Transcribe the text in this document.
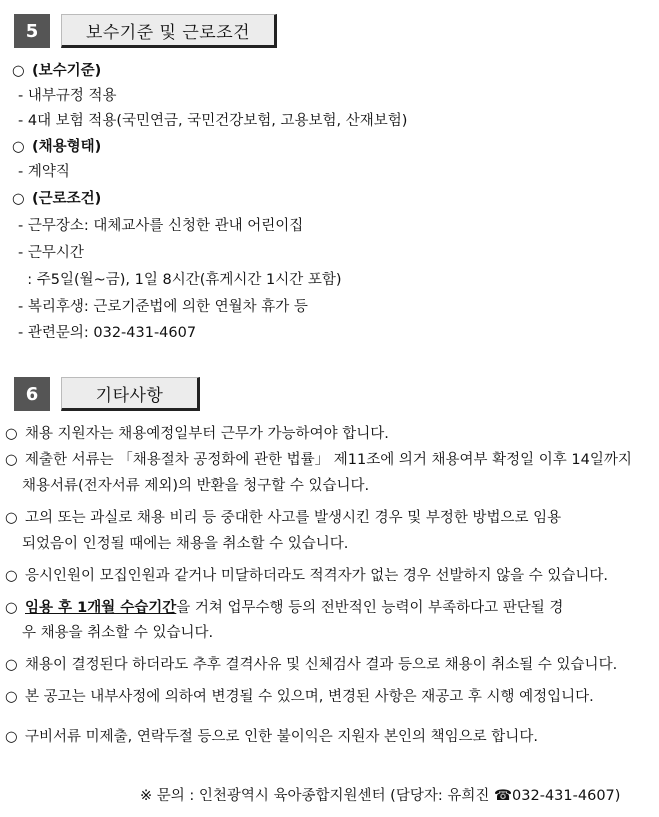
5	보수기준 및 근로조건
○ (보수기준)
- 내부규정 적용
- 4대 보험 적용(국민연금, 국민건강보험, 고용보험, 산재보험)
○ (채용형태)
- 계약직
○ (근로조건)
- 근무장소: 대체교사를 신청한 관내 어린이집
- 근무시간
: 주5일(월~금), 1일 8시간(휴게시간 1시간 포함)
- 복리후생: 근로기준법에 의한 연월차 휴가 등
- 관련문의: 032-431-4607
6	기타사항
○ 채용 지원자는 채용예정일부터 근무가 가능하여야 합니다.
○ 제출한 서류는 「채용절차 공정화에 관한 법률」 제11조에 의거 채용여부 확정일 이후 14일까지
채용서류(전자서류 제외)의 반환을 청구할 수 있습니다.
○ 고의 또는 과실로 채용 비리 등 중대한 사고를 발생시킨 경우 및 부정한 방법으로 임용
되었음이 인정될 때에는 채용을 취소할 수 있습니다.
○ 응시인원이 모집인원과 같거나 미달하더라도 적격자가 없는 경우 선발하지 않을 수 있습니다.
○ 임용 후 1개월 수습기간을 거쳐 업무수행 등의 전반적인 능력이 부족하다고 판단될 경
우 채용을 취소할 수 있습니다.
○ 채용이 결정된다 하더라도 추후 결격사유 및 신체검사 결과 등으로 채용이 취소될 수 있습니다.
○ 본 공고는 내부사정에 의하여 변경될 수 있으며, 변경된 사항은 재공고 후 시행 예정입니다.
○ 구비서류 미제출, 연락두절 등으로 인한 불이익은 지원자 본인의 책임으로 합니다.
※ 문의 : 인천광역시 육아종합지원센터 (담당자: 유희진 ☎032-431-4607)
